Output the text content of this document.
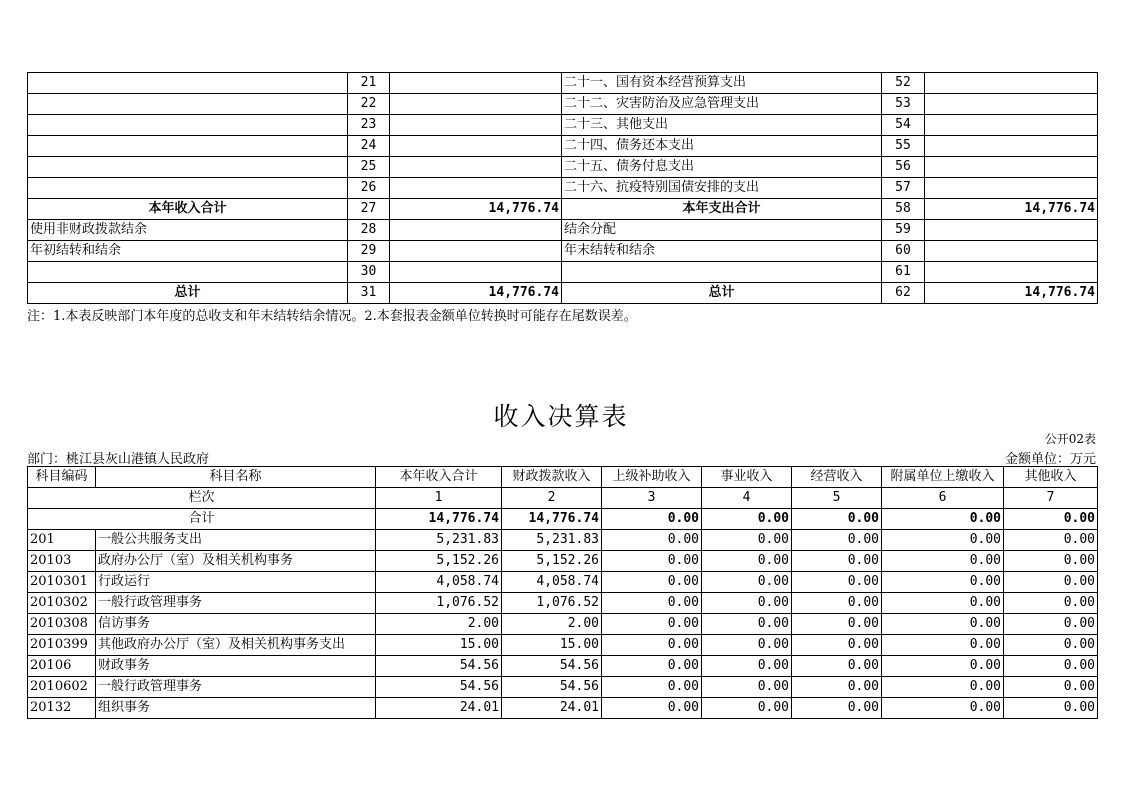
	21		二十一、国有资本经营预算支出	52	
	22		二十二、灾害防治及应急管理支出	53	
	23		二十三、其他支出	54	
	24		二十四、债务还本支出	55	
	25		二十五、债务付息支出	56	
	26		二十六、抗疫特别国债安排的支出	57	
本年收入合计	27	14,776.74	本年支出合计	58	14,776.74
使用非财政拨款结余	28		结余分配	59	
年初结转和结余	29		年末结转和结余	60	
	30			61	
总计	31	14,776.74	总计	62	14,776.74
注：1.本表反映部门本年度的总收支和年末结转结余情况。2.本套报表金额单位转换时可能存在尾数误差。
收入决算表
公开02表
部门：桃江县灰山港镇人民政府	金额单位：万元
科目编码	科目名称	本年收入合计	财政拨款收入	上级补助收入	事业收入	经营收入	附属单位上缴收入	其他收入
栏次		1	2	3	4	5	6	7
合计		14,776.74	14,776.74	0.00	0.00	0.00	0.00	0.00
201	一般公共服务支出	5,231.83	5,231.83	0.00	0.00	0.00	0.00	0.00
20103	政府办公厅（室）及相关机构事务	5,152.26	5,152.26	0.00	0.00	0.00	0.00	0.00
2010301	行政运行	4,058.74	4,058.74	0.00	0.00	0.00	0.00	0.00
2010302	一般行政管理事务	1,076.52	1,076.52	0.00	0.00	0.00	0.00	0.00
2010308	信访事务	2.00	2.00	0.00	0.00	0.00	0.00	0.00
2010399	其他政府办公厅（室）及相关机构事务支出	15.00	15.00	0.00	0.00	0.00	0.00	0.00
20106	财政事务	54.56	54.56	0.00	0.00	0.00	0.00	0.00
2010602	一般行政管理事务	54.56	54.56	0.00	0.00	0.00	0.00	0.00
20132	组织事务	24.01	24.01	0.00	0.00	0.00	0.00	0.00
